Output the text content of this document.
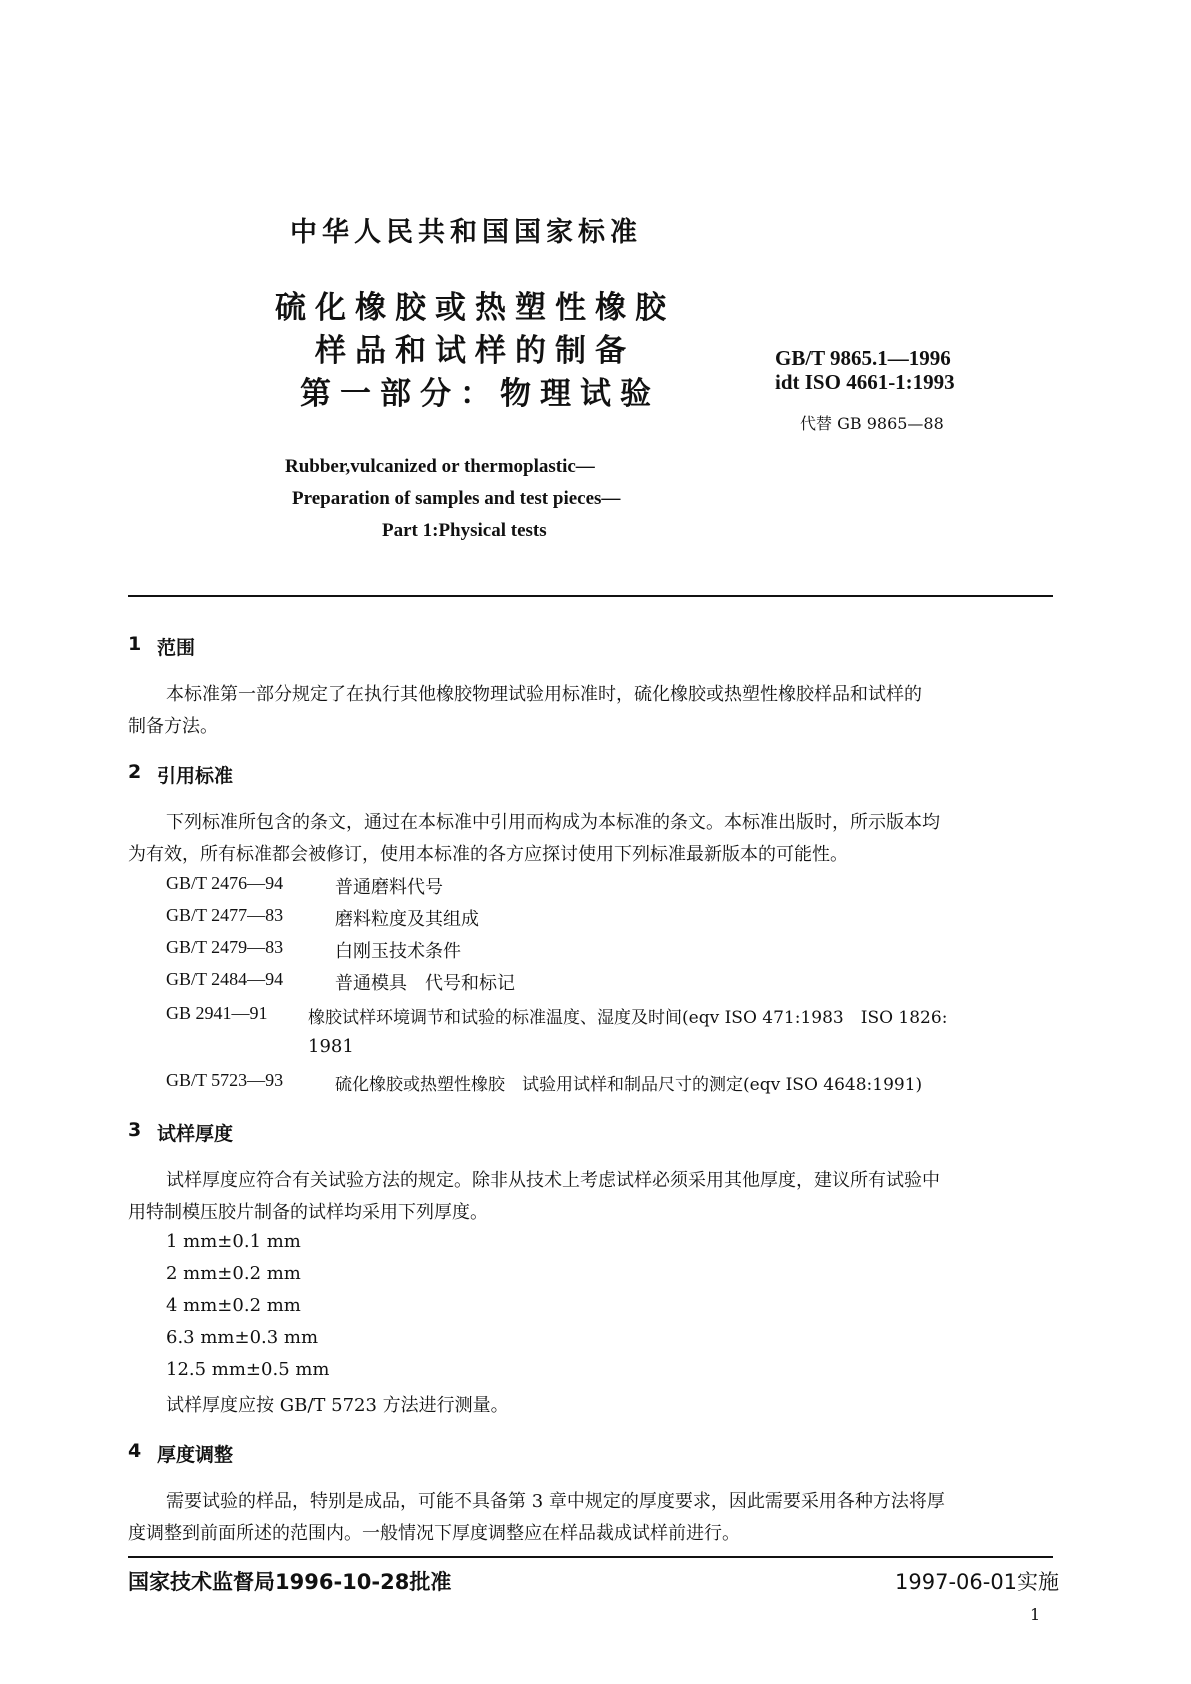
中华人民共和国国家标准
硫化橡胶或热塑性橡胶
样品和试样的制备
第一部分：物理试验
GB/T 9865.1—1996
idt ISO 4661-1:1993
代替 GB 9865—88
Rubber,vulcanized or thermoplastic—
Preparation of samples and test pieces—
Part 1:Physical tests
1 范围
本标准第一部分规定了在执行其他橡胶物理试验用标准时，硫化橡胶或热塑性橡胶样品和试样的
制备方法。
2 引用标准
下列标准所包含的条文，通过在本标准中引用而构成为本标准的条文。本标准出版时，所示版本均
为有效，所有标准都会被修订，使用本标准的各方应探讨使用下列标准最新版本的可能性。
GB/T 2476—94	普通磨料代号
GB/T 2477—83	磨料粒度及其组成
GB/T 2479—83	白刚玉技术条件
GB/T 2484—94	普通模具　代号和标记
GB 2941—91 橡胶试样环境调节和试验的标准温度、湿度及时间(eqv ISO 471:1983　ISO 1826:
1981
GB/T 5723—93	硫化橡胶或热塑性橡胶　试验用试样和制品尺寸的测定(eqv ISO 4648:1991)
3 试样厚度
试样厚度应符合有关试验方法的规定。除非从技术上考虑试样必须采用其他厚度，建议所有试验中
用特制模压胶片制备的试样均采用下列厚度。
1 mm±0.1 mm
2 mm±0.2 mm
4 mm±0.2 mm
6.3 mm±0.3 mm
12.5 mm±0.5 mm
试样厚度应按 GB/T 5723 方法进行测量。
4 厚度调整
需要试验的样品，特别是成品，可能不具备第 3 章中规定的厚度要求，因此需要采用各种方法将厚
度调整到前面所述的范围内。一般情况下厚度调整应在样品裁成试样前进行。
国家技术监督局1996-10-28批准	1997-06-01实施
1
